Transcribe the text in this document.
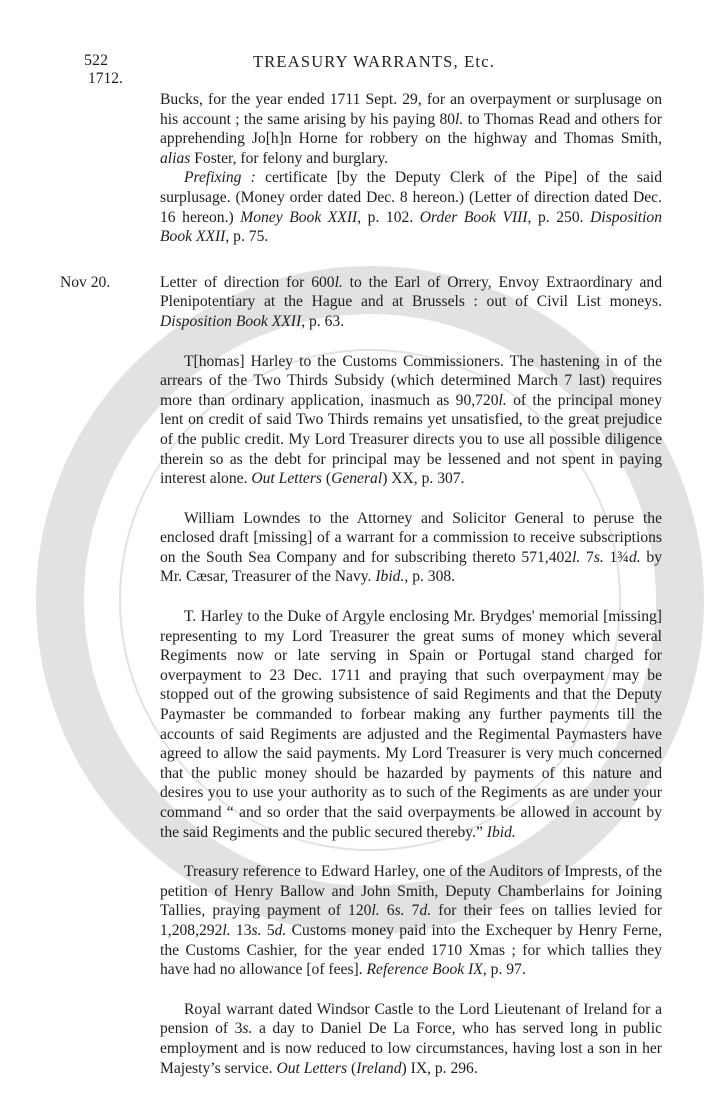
522	TREASURY WARRANTS, Etc.
1712.

Bucks, for the year ended 1711 Sept. 29, for an overpayment or surplusage on his account ; the same arising by his paying 80l. to Thomas Read and others for apprehending Jo[h]n Horne for robbery on the highway and Thomas Smith, alias Foster, for felony and burglary.

Prefixing : certificate [by the Deputy Clerk of the Pipe] of the said surplusage. (Money order dated Dec. 8 hereon.) (Letter of direction dated Dec. 16 hereon.) Money Book XXII, p. 102. Order Book VIII, p. 250. Disposition Book XXII, p. 75.

Nov 20.	Letter of direction for 600l. to the Earl of Orrery, Envoy Extraordinary and Plenipotentiary at the Hague and at Brussels : out of Civil List moneys. Disposition Book XXII, p. 63.

T[homas] Harley to the Customs Commissioners. The hastening in of the arrears of the Two Thirds Subsidy (which determined March 7 last) requires more than ordinary application, inasmuch as 90,720l. of the principal money lent on credit of said Two Thirds remains yet unsatisfied, to the great prejudice of the public credit. My Lord Treasurer directs you to use all possible diligence therein so as the debt for principal may be lessened and not spent in paying interest alone. Out Letters (General) XX, p. 307.

William Lowndes to the Attorney and Solicitor General to peruse the enclosed draft [missing] of a warrant for a commission to receive subscriptions on the South Sea Company and for subscribing thereto 571,402l. 7s. 1¾d. by Mr. Cæsar, Treasurer of the Navy. Ibid., p. 308.

T. Harley to the Duke of Argyle enclosing Mr. Brydges' memorial [missing] representing to my Lord Treasurer the great sums of money which several Regiments now or late serving in Spain or Portugal stand charged for overpayment to 23 Dec. 1711 and praying that such overpayment may be stopped out of the growing subsistence of said Regiments and that the Deputy Paymaster be commanded to forbear making any further payments till the accounts of said Regiments are adjusted and the Regimental Paymasters have agreed to allow the said payments. My Lord Treasurer is very much concerned that the public money should be hazarded by payments of this nature and desires you to use your authority as to such of the Regiments as are under your command “ and so order that the said overpayments be allowed in account by the said Regiments and the public secured thereby.” Ibid.

Treasury reference to Edward Harley, one of the Auditors of Imprests, of the petition of Henry Ballow and John Smith, Deputy Chamberlains for Joining Tallies, praying payment of 120l. 6s. 7d. for their fees on tallies levied for 1,208,292l. 13s. 5d. Customs money paid into the Exchequer by Henry Ferne, the Customs Cashier, for the year ended 1710 Xmas ; for which tallies they have had no allowance [of fees]. Reference Book IX, p. 97.

Royal warrant dated Windsor Castle to the Lord Lieutenant of Ireland for a pension of 3s. a day to Daniel De La Force, who has served long in public employment and is now reduced to low circumstances, having lost a son in her Majesty’s service. Out Letters (Ireland) IX, p. 296.
